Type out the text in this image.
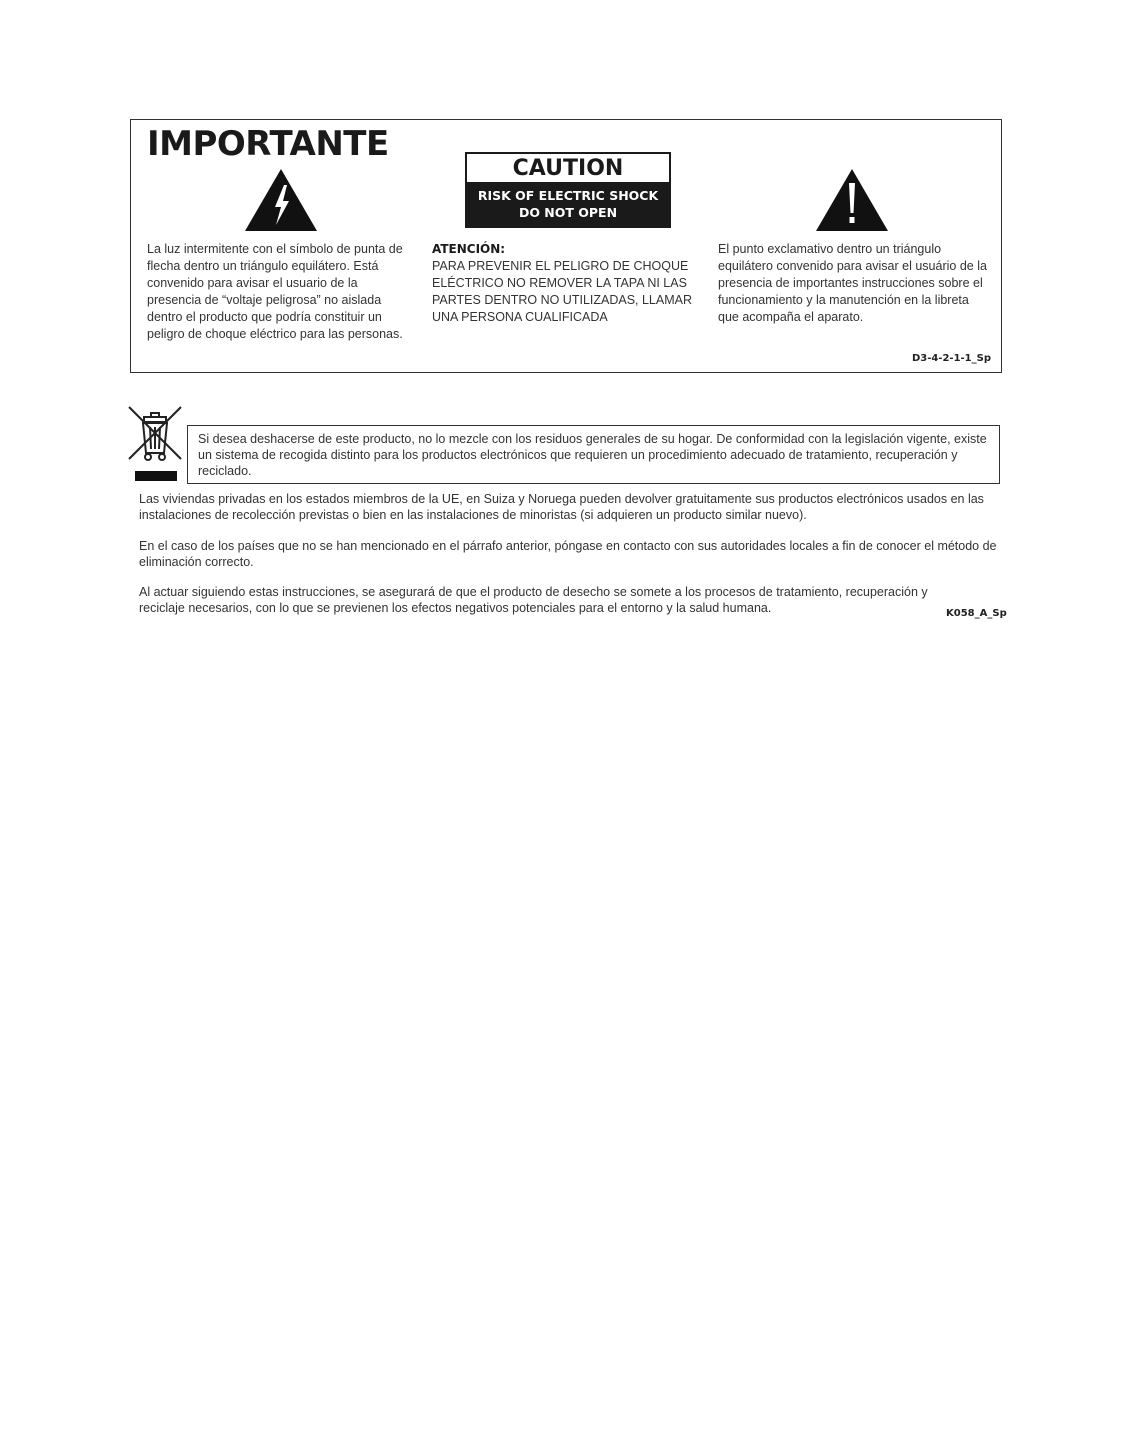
IMPORTANTE
CAUTION
RISK OF ELECTRIC SHOCK
DO NOT OPEN

La luz intermitente con el símbolo de punta de flecha dentro un triángulo equilátero. Está convenido para avisar el usuario de la presencia de “voltaje peligrosa” no aislada dentro el producto que podría constituir un peligro de choque eléctrico para las personas.

ATENCIÓN:

PARA PREVENIR EL PELIGRO DE CHOQUE ELÉCTRICO NO REMOVER LA TAPA NI LAS PARTES DENTRO NO UTILIZADAS, LLAMAR UNA PERSONA CUALIFICADA

El punto exclamativo dentro un triángulo equilátero convenido para avisar el usuário de la presencia de importantes instrucciones sobre el funcionamiento y la manutención en la libreta que acompaña el aparato.

D3-4-2-1-1_Sp
Si desea deshacerse de este producto, no lo mezcle con los residuos generales de su hogar. De conformidad con la legislación vigente, existe un sistema de recogida distinto para los productos electrónicos que requieren un procedimiento adecuado de tratamiento, recuperación y reciclado.

Las viviendas privadas en los estados miembros de la UE, en Suiza y Noruega pueden devolver gratuitamente sus productos electrónicos usados en las instalaciones de recolección previstas o bien en las instalaciones de minoristas (si adquieren un producto similar nuevo).

En el caso de los países que no se han mencionado en el párrafo anterior, póngase en contacto con sus autoridades locales a fin de conocer el método de eliminación correcto.

Al actuar siguiendo estas instrucciones, se asegurará de que el producto de desecho se somete a los procesos de tratamiento, recuperación y reciclaje necesarios, con lo que se previenen los efectos negativos potenciales para el entorno y la salud humana.	K058_A_Sp
